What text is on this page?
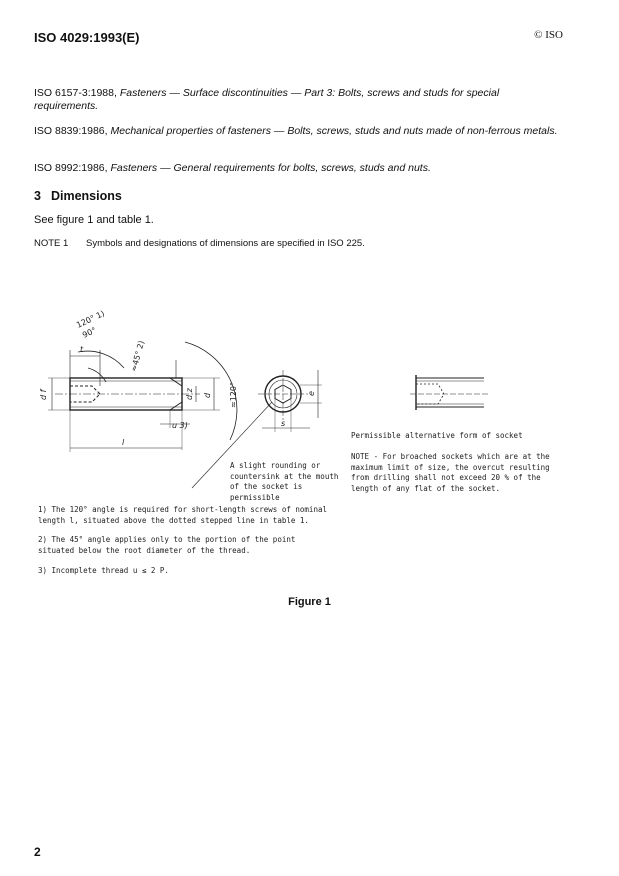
ISO 4029:1993(E)	© ISO
ISO 6157-3:1988, Fasteners — Surface discontinuities — Part 3: Bolts, screws and studs for special requirements.
ISO 8839:1986, Mechanical properties of fasteners — Bolts, screws, studs and nuts made of non-ferrous metals.
ISO 8992:1986, Fasteners — General requirements for bolts, screws, studs and nuts.
3 Dimensions
See figure 1 and table 1.
NOTE 1 Symbols and designations of dimensions are specified in ISO 225.
120° 1)
90°
≈45° 2)
≈120°
t
d f	d z d
u 3)
l
e
s
A slight rounding or countersink at the mouth of the socket is permissible
Permissible alternative form of socket
NOTE - For broached sockets which are at the maximum limit of size, the overcut resulting from drilling shall not exceed 20 % of the length of any flat of the socket.
1) The 120° angle is required for short-length screws of nominal length l, situated above the dotted stepped line in table 1.
2) The 45° angle applies only to the portion of the point situated below the root diameter of the thread.
3) Incomplete thread u ≤ 2 P.
Figure 1
2
